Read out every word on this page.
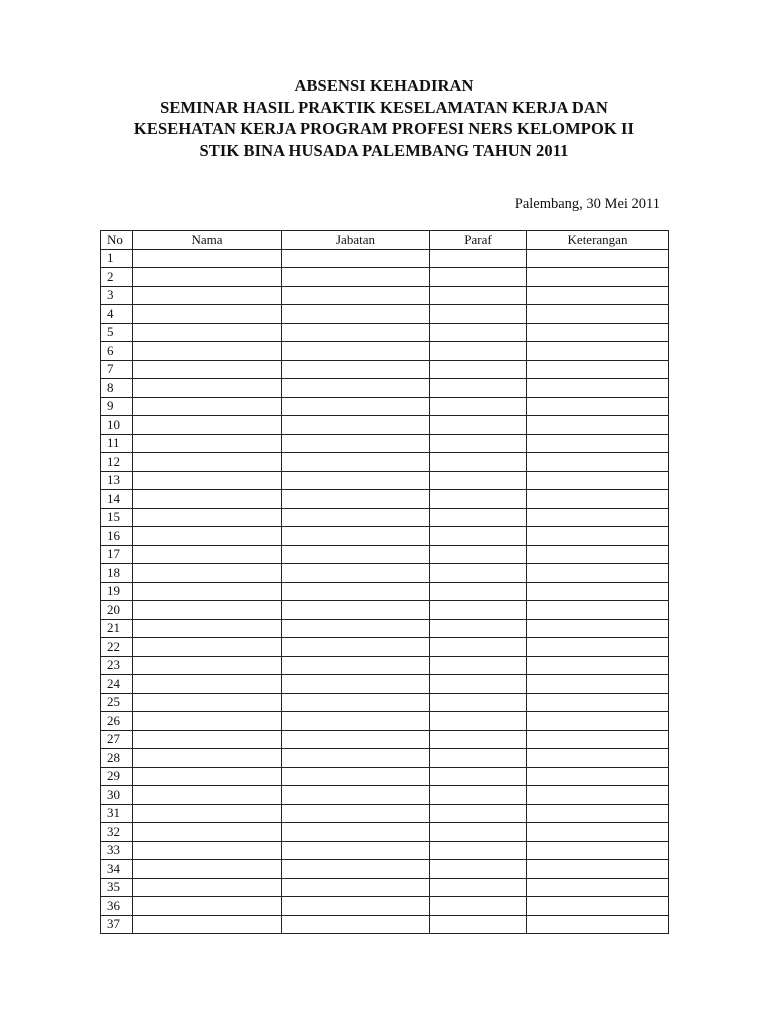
ABSENSI KEHADIRAN
SEMINAR HASIL PRAKTIK KESELAMATAN KERJA DAN
KESEHATAN KERJA PROGRAM PROFESI NERS KELOMPOK II
STIK BINA HUSADA PALEMBANG TAHUN 2011
Palembang, 30 Mei 2011
No	Nama	Jabatan	Paraf	Keterangan
1				
2				
3				
4				
5				
6				
7				
8				
9				
10				
11				
12				
13				
14				
15				
16				
17				
18				
19				
20				
21				
22				
23				
24				
25				
26				
27				
28				
29				
30				
31				
32				
33				
34				
35				
36				
37				
